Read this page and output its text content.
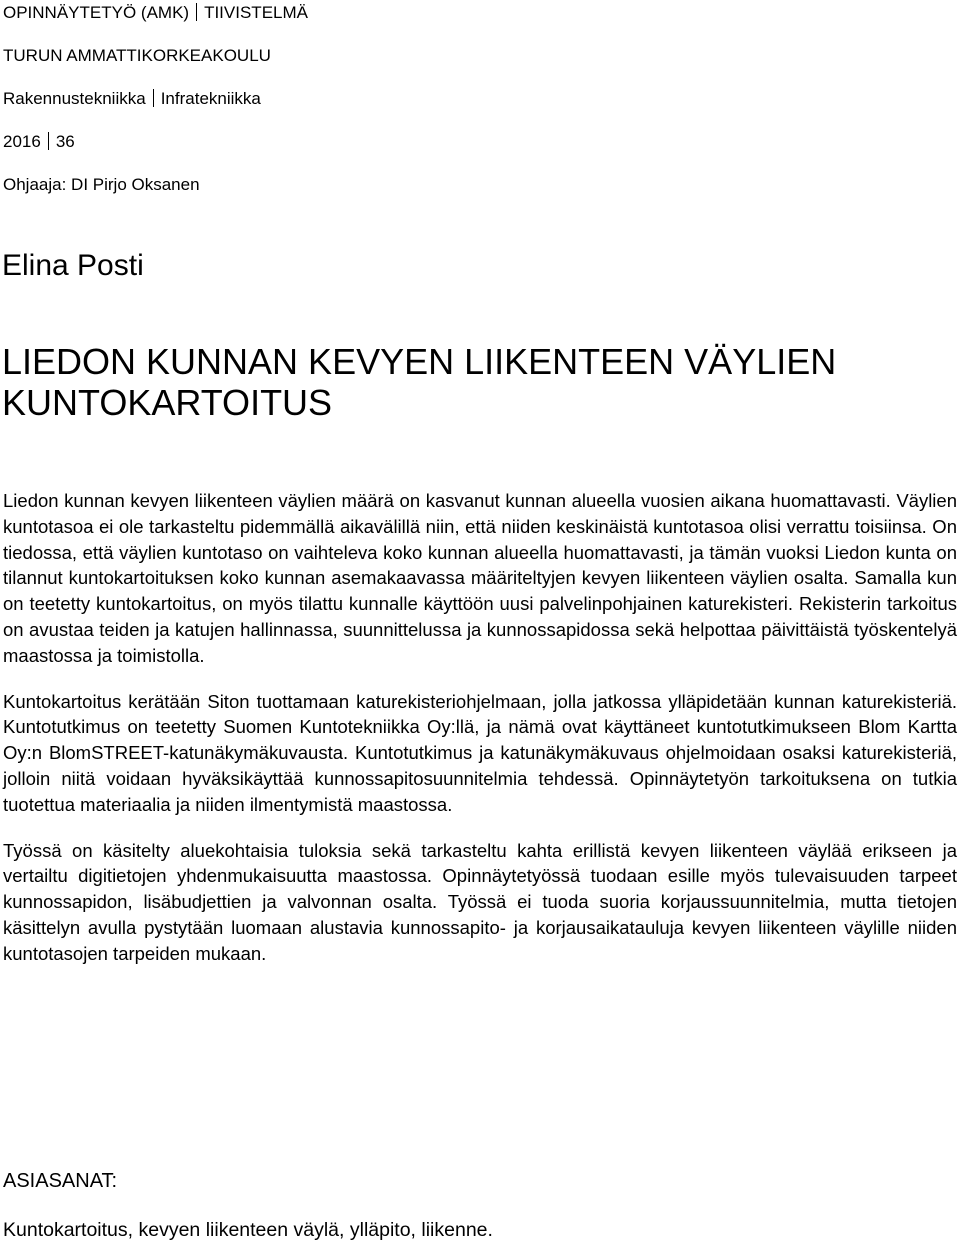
OPINNÄYTETYÖ (AMK) TIIVISTELMÄ
TURUN AMMATTIKORKEAKOULU
Rakennustekniikka Infratekniikka
2016 36
Ohjaaja: DI Pirjo Oksanen
Elina Posti
LIEDON KUNNAN KEVYEN LIIKENTEEN VÄYLIEN
KUNTOKARTOITUS

Liedon kunnan kevyen liikenteen väylien määrä on kasvanut kunnan alueella vuosien aikana huomattavasti. Väylien kuntotasoa ei ole tarkasteltu pidemmällä aikavälillä niin, että niiden keskinäistä kuntotasoa olisi verrattu toisiinsa. On tiedossa, että väylien kuntotaso on vaihteleva koko kunnan alueella huomattavasti, ja tämän vuoksi Liedon kunta on tilannut kuntokartoituksen koko kunnan asemakaavassa määriteltyjen kevyen liikenteen väylien osalta. Samalla kun on teetetty kuntokartoitus, on myös tilattu kunnalle käyttöön uusi palvelinpohjainen katurekisteri. Rekisterin tarkoitus on avustaa teiden ja katujen hallinnassa, suunnittelussa ja kunnossapidossa sekä helpottaa päivittäistä työskentelyä maastossa ja toimistolla.

Kuntokartoitus kerätään Siton tuottamaan katurekisteriohjelmaan, jolla jatkossa ylläpidetään kunnan katurekisteriä. Kuntotutkimus on teetetty Suomen Kuntotekniikka Oy:llä, ja nämä ovat käyttäneet kuntotutkimukseen Blom Kartta Oy:n BlomSTREET-katunäkymäkuvausta. Kuntotutkimus ja katunäkymäkuvaus ohjelmoidaan osaksi katurekisteriä, jolloin niitä voidaan hyväksikäyttää kunnossapitosuunnitelmia tehdessä. Opinnäytetyön tarkoituksena on tutkia tuotettua materiaalia ja niiden ilmentymistä maastossa.

Työssä on käsitelty aluekohtaisia tuloksia sekä tarkasteltu kahta erillistä kevyen liikenteen väylää erikseen ja vertailtu digitietojen yhdenmukaisuutta maastossa. Opinnäytetyössä tuodaan esille myös tulevaisuuden tarpeet kunnossapidon, lisäbudjettien ja valvonnan osalta. Työssä ei tuoda suoria korjaussuunnitelmia, mutta tietojen käsittelyn avulla pystytään luomaan alustavia kunnossapito- ja korjausaikatauluja kevyen liikenteen väylille niiden kuntotasojen tarpeiden mukaan.

ASIASANAT:
Kuntokartoitus, kevyen liikenteen väylä, ylläpito, liikenne.
